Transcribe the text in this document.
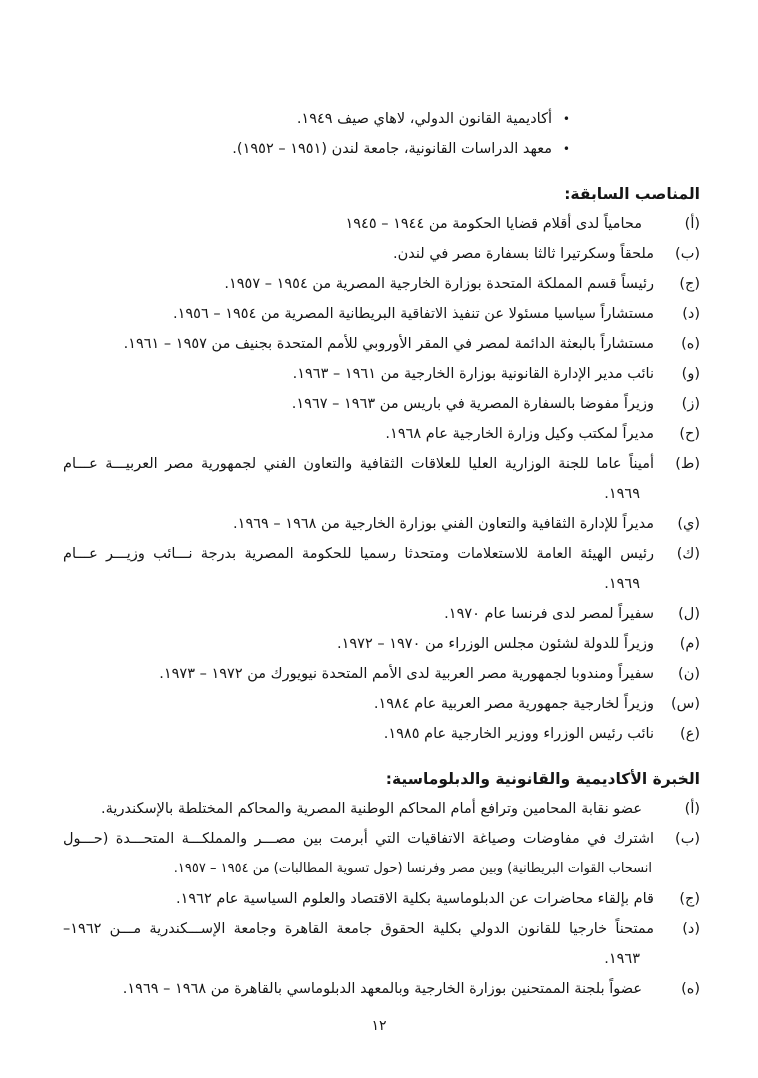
•
أكاديمية القانون الدولي، لاهاي صيف ١٩٤٩.
•
معهد الدراسات القانونية، جامعة لندن (١٩٥١ – ١٩٥٢).
المناصب السابقة:
(أ)
محامياً لدى أقلام قضايا الحكومة من ١٩٤٤ – ١٩٤٥
(ب)
ملحقاً وسكرتيرا ثالثا بسفارة مصر في لندن.
(ج)
رئيساً قسم المملكة المتحدة بوزارة الخارجية المصرية من ١٩٥٤ – ١٩٥٧.
(د)
مستشاراً سياسيا مسئولا عن تنفيذ الاتفاقية البريطانية المصرية من ١٩٥٤ – ١٩٥٦.
(ه)
مستشاراً بالبعثة الدائمة لمصر في المقر الأوروبي للأمم المتحدة بجنيف من ١٩٥٧ – ١٩٦١.
(و)
نائب مدير الإدارة القانونية بوزارة الخارجية من ١٩٦١ – ١٩٦٣.
(ز)
وزيراً مفوضا بالسفارة المصرية في باريس من ١٩٦٣ – ١٩٦٧.
(ح)
مديراً لمكتب وكيل وزارة الخارجية عام ١٩٦٨.
(ط)
أميناً عاما للجنة الوزارية العليا للعلاقات الثقافية والتعاون الفني لجمهورية مصر العربيـــة عـــام
١٩٦٩.
(ي)
مديراً للإدارة الثقافية والتعاون الفني بوزارة الخارجية من ١٩٦٨ – ١٩٦٩.
(ك)
رئيس الهيئة العامة للاستعلامات ومتحدثا رسميا للحكومة المصرية بدرجة نـــائب وزيـــر عـــام
١٩٦٩.
(ل)
سفيراً لمصر لدى فرنسا عام ١٩٧٠.
(م)
وزيراً للدولة لشئون مجلس الوزراء من ١٩٧٠ – ١٩٧٢.
(ن)
سفيراً ومندوبا لجمهورية مصر العربية لدى الأمم المتحدة نيويورك من ١٩٧٢ – ١٩٧٣.
(س)
وزيراً لخارجية جمهورية مصر العربية عام ١٩٨٤.
(ع)
نائب رئيس الوزراء ووزير الخارجية عام ١٩٨٥.
الخبرة الأكاديمية والقانونية والدبلوماسية:
(أ)
عضو نقابة المحامين وترافع أمام المحاكم الوطنية المصرية والمحاكم المختلطة بالإسكندرية.
(ب)
اشترك في مفاوضات وصياغة الاتفاقيات التي أبرمت بين مصـــر والمملكـــة المتحـــدة (حـــول
انسحاب القوات البريطانية) وبين مصر وفرنسا (حول تسوية المطالبات) من ١٩٥٤ – ١٩٥٧.
(ج)
قام بإلقاء محاضرات عن الدبلوماسية بكلية الاقتصاد والعلوم السياسية عام ١٩٦٢.
(د)
ممتحناً خارجيا للقانون الدولي بكلية الحقوق جامعة القاهرة وجامعة الإســـكندرية مـــن ١٩٦٢–
١٩٦٣.
(ه)
عضواً بلجنة الممتحنين بوزارة الخارجية وبالمعهد الدبلوماسي بالقاهرة من ١٩٦٨ – ١٩٦٩.
١٢
